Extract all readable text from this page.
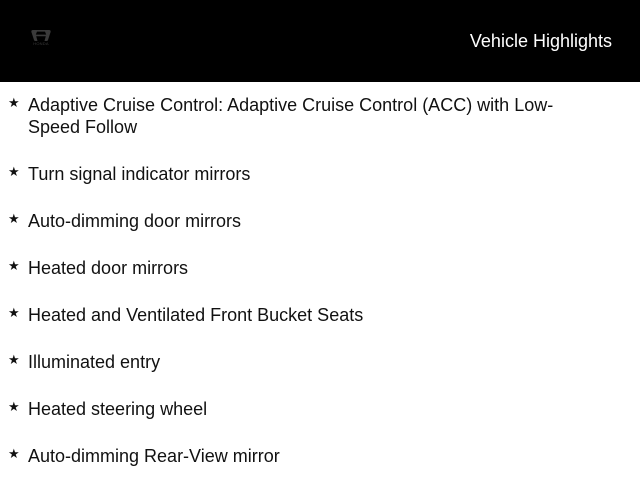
HONDA	Vehicle Highlights
★ Adaptive Cruise Control: Adaptive Cruise Control (ACC) with Low-Speed Follow
★ Turn signal indicator mirrors
★ Auto-dimming door mirrors
★ Heated door mirrors
★ Heated and Ventilated Front Bucket Seats
★ Illuminated entry
★ Heated steering wheel
★ Auto-dimming Rear-View mirror
